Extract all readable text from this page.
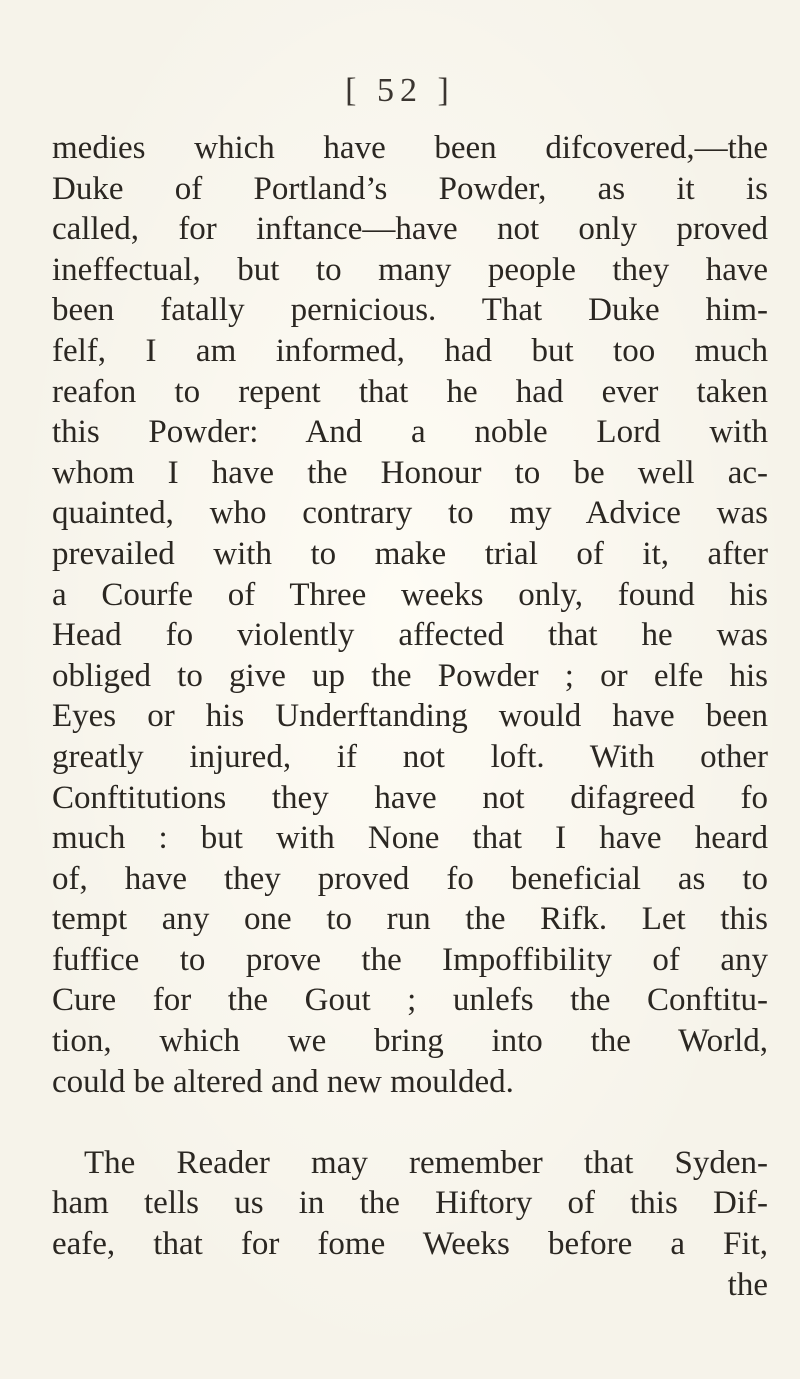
[ 52 ]
medies which have been difcovered,—the
Duke of Portland’s Powder, as it is
called, for inftance—have not only proved
ineffectual, but to many people they have
been fatally pernicious. That Duke him-
felf, I am informed, had but too much
reafon to repent that he had ever taken
this Powder: And a noble Lord with
whom I have the Honour to be well ac-
quainted, who contrary to my Advice was
prevailed with to make trial of it, after
a Courfe of Three weeks only, found his
Head fo violently affected that he was
obliged to give up the Powder ; or elfe his
Eyes or his Underftanding would have been
greatly injured, if not loft. With other
Conftitutions they have not difagreed fo
much : but with None that I have heard
of, have they proved fo beneficial as to
tempt any one to run the Rifk. Let this
fuffice to prove the Impoffibility of any
Cure for the Gout ; unlefs the Conftitu-
tion, which we bring into the World,
could be altered and new moulded.
The Reader may remember that Syden-
ham tells us in the Hiftory of this Dif-
eafe, that for fome Weeks before a Fit,
the
